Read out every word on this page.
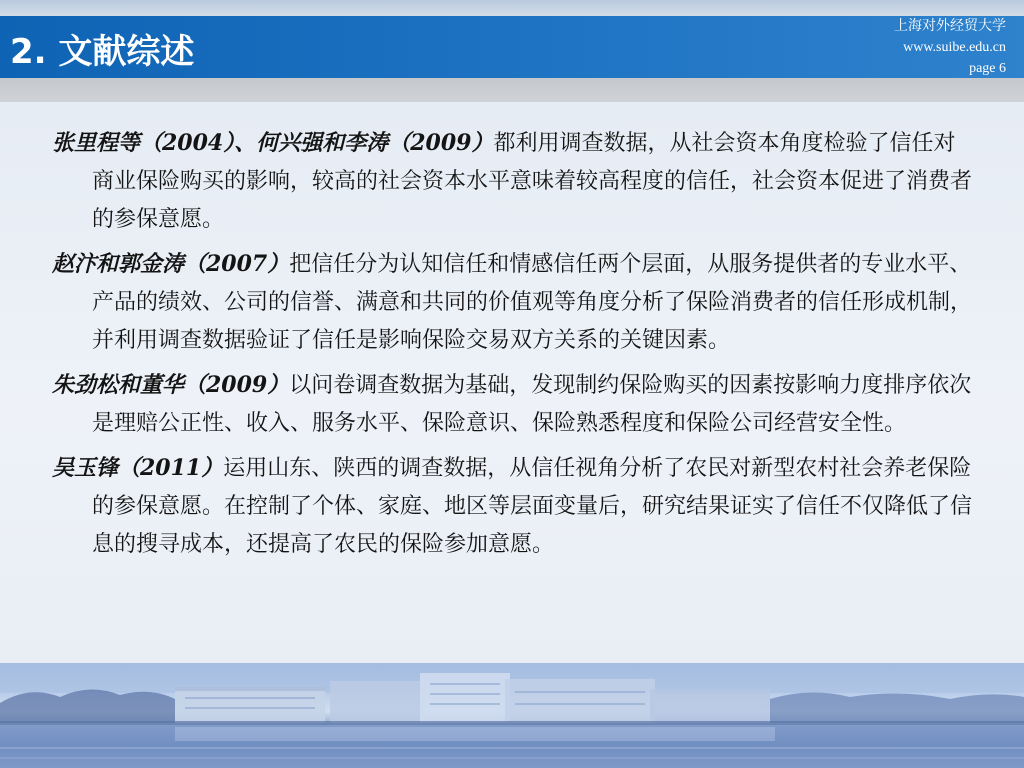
2. 文献综述
上海对外经贸大学
www.suibe.edu.cn
page 6

张里程等（2004）、何兴强和李涛（2009）都利用调查数据，从社会资本角度检验了信任对商业保险购买的影响，较高的社会资本水平意味着较高程度的信任，社会资本促进了消费者的参保意愿。

赵汴和郭金涛（2007）把信任分为认知信任和情感信任两个层面，从服务提供者的专业水平、产品的绩效、公司的信誉、满意和共同的价值观等角度分析了保险消费者的信任形成机制，并利用调查数据验证了信任是影响保险交易双方关系的关键因素。

朱劲松和董华（2009）以问卷调查数据为基础，发现制约保险购买的因素按影响力度排序依次是理赔公正性、收入、服务水平、保险意识、保险熟悉程度和保险公司经营安全性。

吴玉锋（2011）运用山东、陕西的调查数据，从信任视角分析了农民对新型农村社会养老保险的参保意愿。在控制了个体、家庭、地区等层面变量后，研究结果证实了信任不仅降低了信息的搜寻成本，还提高了农民的保险参加意愿。
